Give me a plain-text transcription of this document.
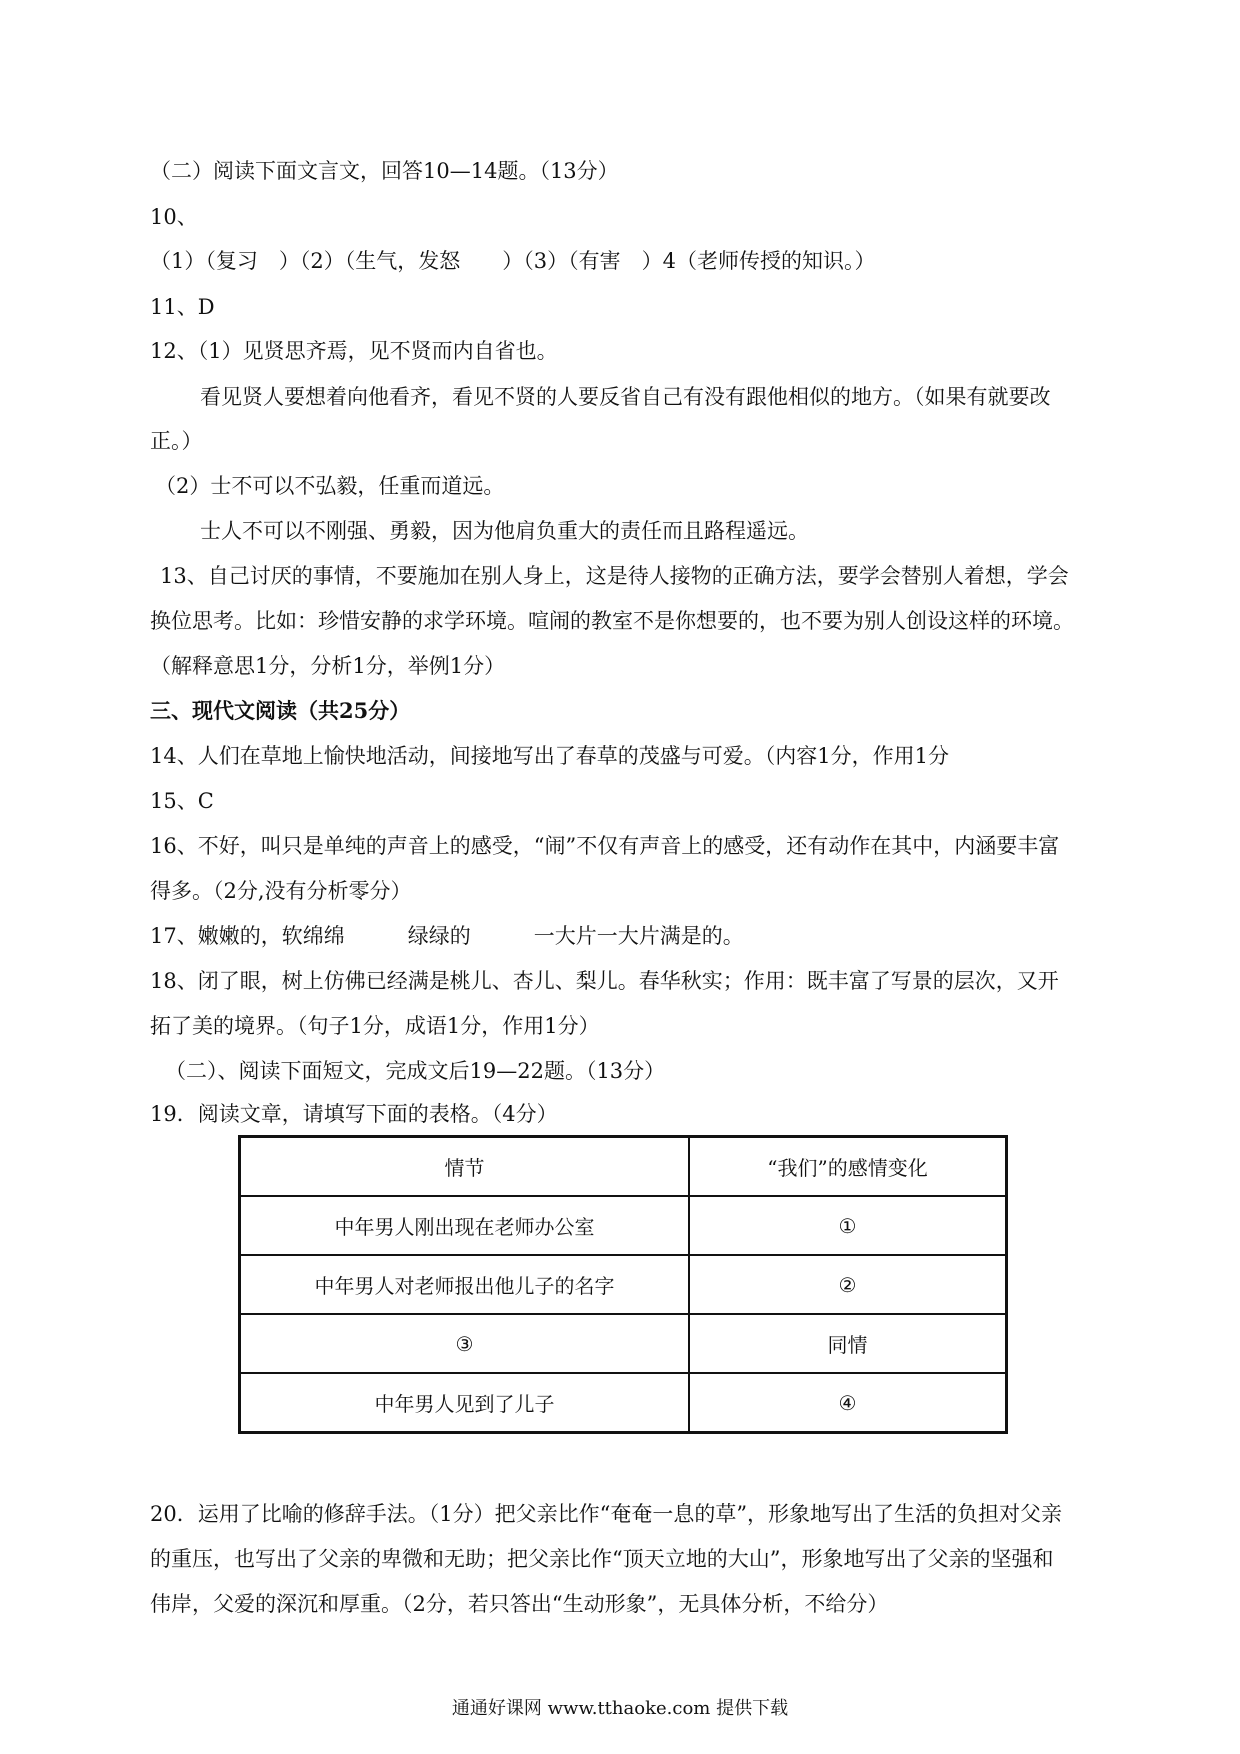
（二）阅读下面文言文，回答10—14题。（13分）
10、
（1）（复习　）（2）（生气，发怒　　）（3）（有害　）4（老师传授的知识。）
11、D
12、（1）见贤思齐焉，见不贤而内自省也。
看见贤人要想着向他看齐，看见不贤的人要反省自己有没有跟他相似的地方。（如果有就要改
正。）
（2）士不可以不弘毅，任重而道远。
士人不可以不刚强、勇毅，因为他肩负重大的责任而且路程遥远。
13、自己讨厌的事情，不要施加在别人身上，这是待人接物的正确方法，要学会替别人着想，学会
换位思考。比如：珍惜安静的求学环境。喧闹的教室不是你想要的，也不要为别人创设这样的环境。
（解释意思1分，分析1分，举例1分）
三、现代文阅读（共25分）
14、人们在草地上愉快地活动，间接地写出了春草的茂盛与可爱。（内容1分，作用1分
15、C
16、不好，叫只是单纯的声音上的感受，“闹”不仅有声音上的感受，还有动作在其中，内涵要丰富
得多。（2分,没有分析零分）
17、嫩嫩的，软绵绵　　　绿绿的　　　一大片一大片满是的。
18、闭了眼，树上仿佛已经满是桃儿、杏儿、梨儿。春华秋实；作用：既丰富了写景的层次，又开
拓了美的境界。（句子1分，成语1分，作用1分）
（二）、阅读下面短文，完成文后19—22题。（13分）
19．阅读文章，请填写下面的表格。（4分）
情节	“我们”的感情变化
中年男人刚出现在老师办公室	①
中年男人对老师报出他儿子的名字	②
③	同情
中年男人见到了儿子	④
20．运用了比喻的修辞手法。（1分）把父亲比作“奄奄一息的草”，形象地写出了生活的负担对父亲
的重压，也写出了父亲的卑微和无助；把父亲比作“顶天立地的大山”，形象地写出了父亲的坚强和
伟岸，父爱的深沉和厚重。（2分，若只答出“生动形象”，无具体分析，不给分）
通通好课网 www.tthaoke.com 提供下载
